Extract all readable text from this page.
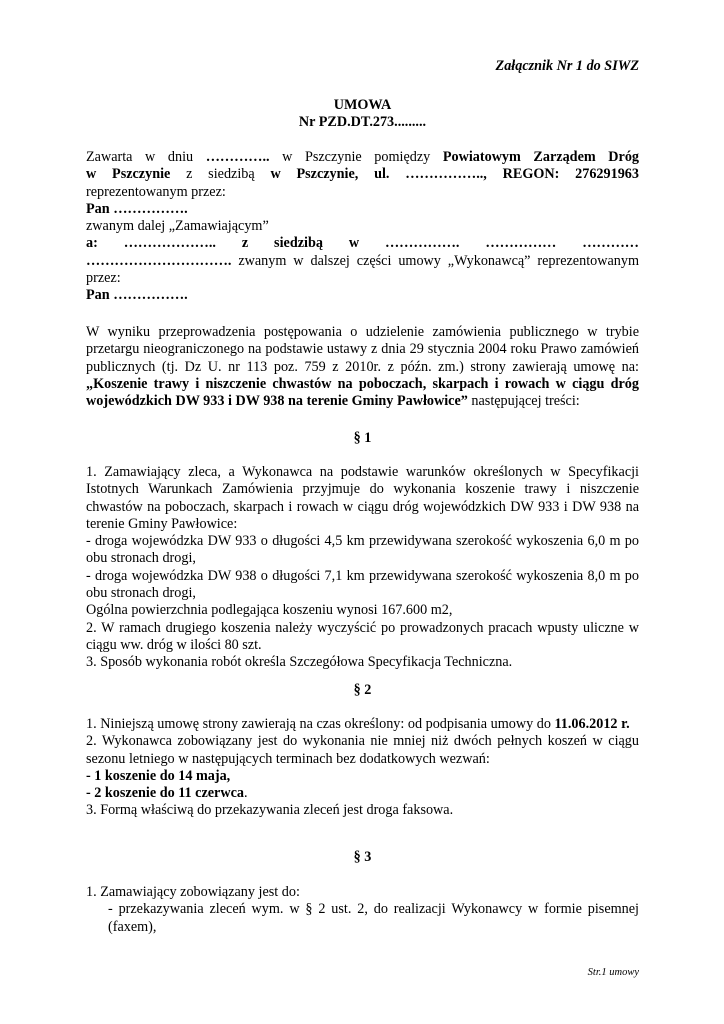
Załącznik Nr 1 do SIWZ
UMOWA
Nr PZD.DT.273.........
Zawarta w dniu ………….. w Pszczynie pomiędzy Powiatowym Zarządem Dróg
w Pszczynie z siedzibą w Pszczynie, ul. …………….., REGON: 276291963
reprezentowanym przez:
Pan …………….
zwanym dalej „Zamawiającym”
a: ……………….. z siedzibą w ……………. …………… …………
…………………………. zwanym w dalszej części umowy „Wykonawcą” reprezentowanym
przez:
Pan …………….
W wyniku przeprowadzenia postępowania o udzielenie zamówienia publicznego w trybie przetargu nieograniczonego na podstawie ustawy z dnia 29 stycznia 2004 roku Prawo zamówień publicznych (tj. Dz U. nr 113 poz. 759 z 2010r. z późn. zm.) strony zawierają umowę na: „Koszenie trawy i niszczenie chwastów na poboczach, skarpach i rowach w ciągu dróg wojewódzkich DW 933 i DW 938 na terenie Gminy Pawłowice” następującej treści:
§ 1
1. Zamawiający zleca, a Wykonawca na podstawie warunków określonych w Specyfikacji Istotnych Warunkach Zamówienia przyjmuje do wykonania koszenie trawy i niszczenie chwastów na poboczach, skarpach i rowach w ciągu dróg wojewódzkich DW 933 i DW 938 na terenie Gminy Pawłowice:
- droga wojewódzka DW 933 o długości 4,5 km przewidywana szerokość wykoszenia 6,0 m po obu stronach drogi,
- droga wojewódzka DW 938 o długości 7,1 km przewidywana szerokość wykoszenia 8,0 m po obu stronach drogi,
Ogólna powierzchnia podlegająca koszeniu wynosi 167.600 m2,
2. W ramach drugiego koszenia należy wyczyścić po prowadzonych pracach wpusty uliczne w ciągu ww. dróg w ilości 80 szt.
3. Sposób wykonania robót określa Szczegółowa Specyfikacja Techniczna.
§ 2
1. Niniejszą umowę strony zawierają na czas określony: od podpisania umowy do 11.06.2012 r.
2. Wykonawca zobowiązany jest do wykonania nie mniej niż dwóch pełnych koszeń w ciągu sezonu letniego w następujących terminach bez dodatkowych wezwań:
- 1 koszenie do 14 maja,
- 2 koszenie do 11 czerwca.
3. Formą właściwą do przekazywania zleceń jest droga faksowa.
§ 3
1. Zamawiający zobowiązany jest do:
- przekazywania zleceń wym. w § 2 ust. 2, do realizacji Wykonawcy w formie pisemnej (faxem),
Str.1 umowy
